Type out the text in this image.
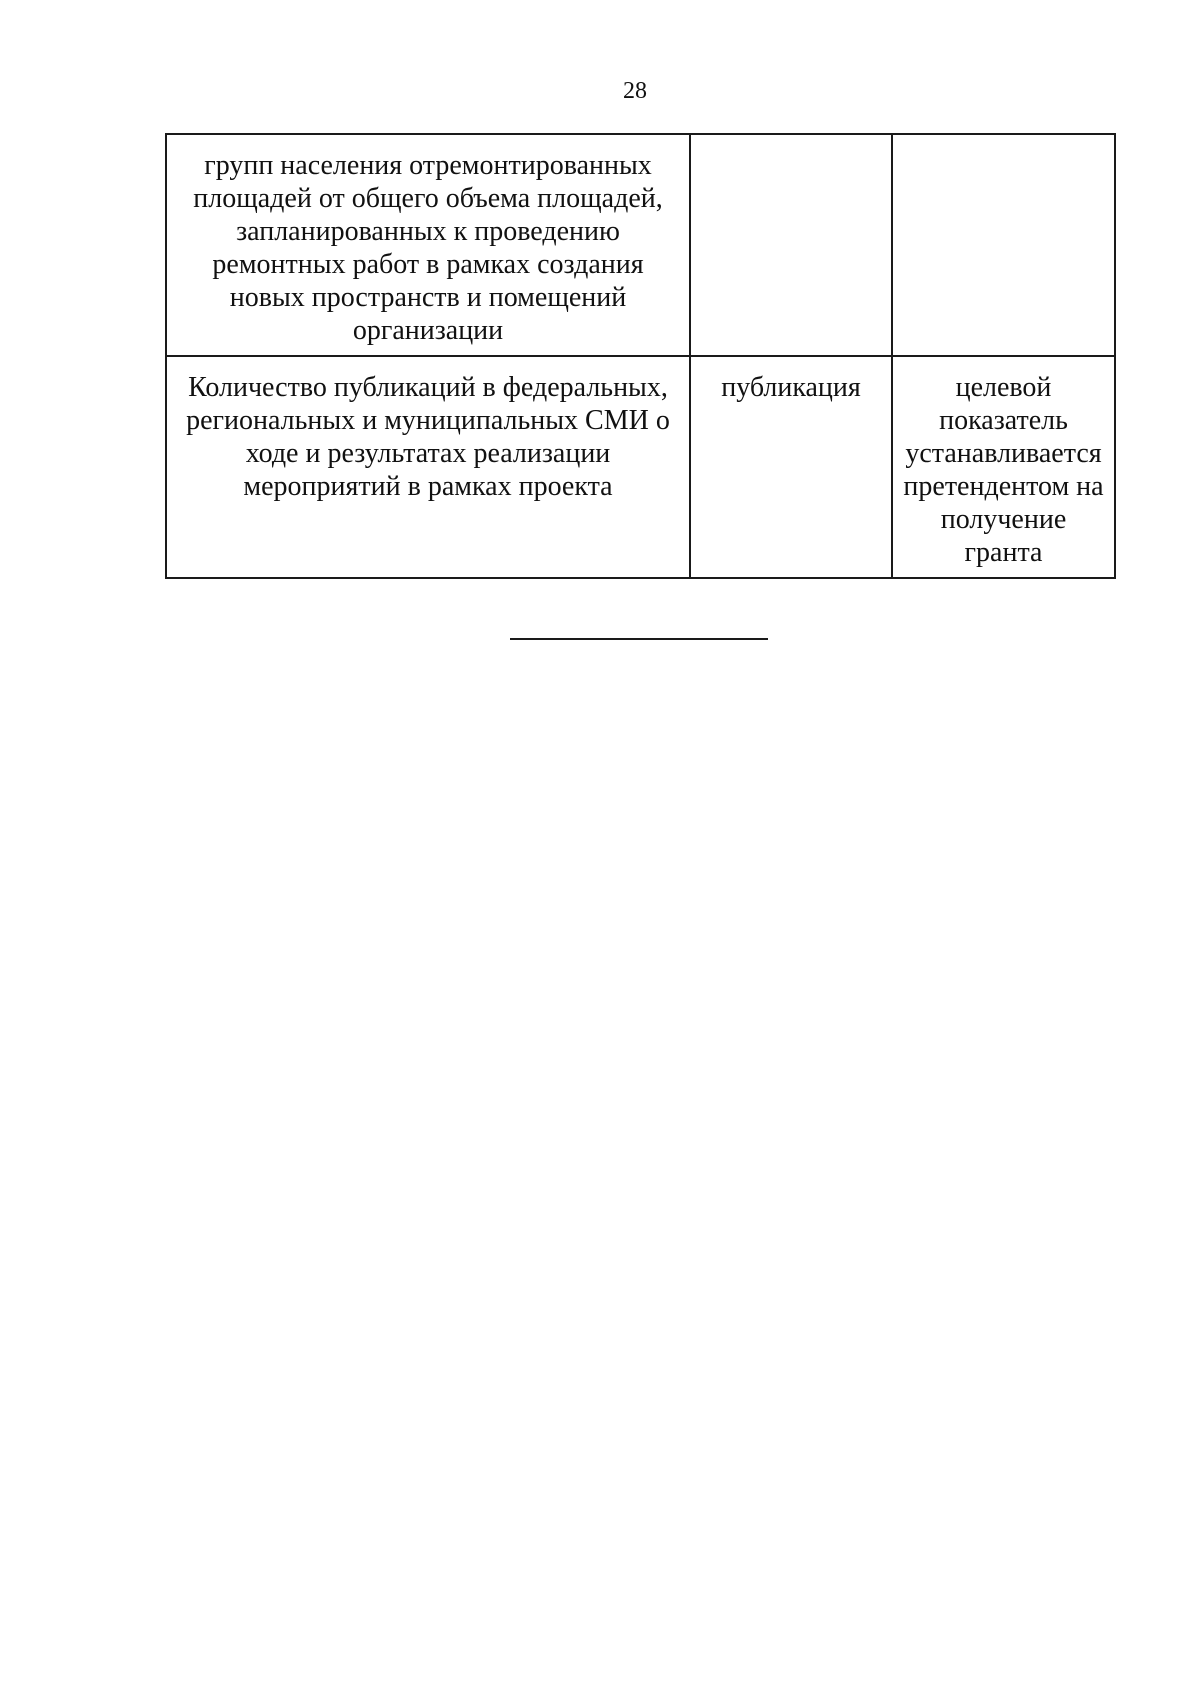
28
групп населения отремонтированных площадей от общего объема площадей, запланированных к проведению ремонтных работ в рамках создания новых пространств и помещений организации		
Количество публикаций в федеральных, региональных и муниципальных СМИ о ходе и результатах реализации мероприятий в рамках проекта	публикация	целевой показатель устанавливается претендентом на получение гранта
